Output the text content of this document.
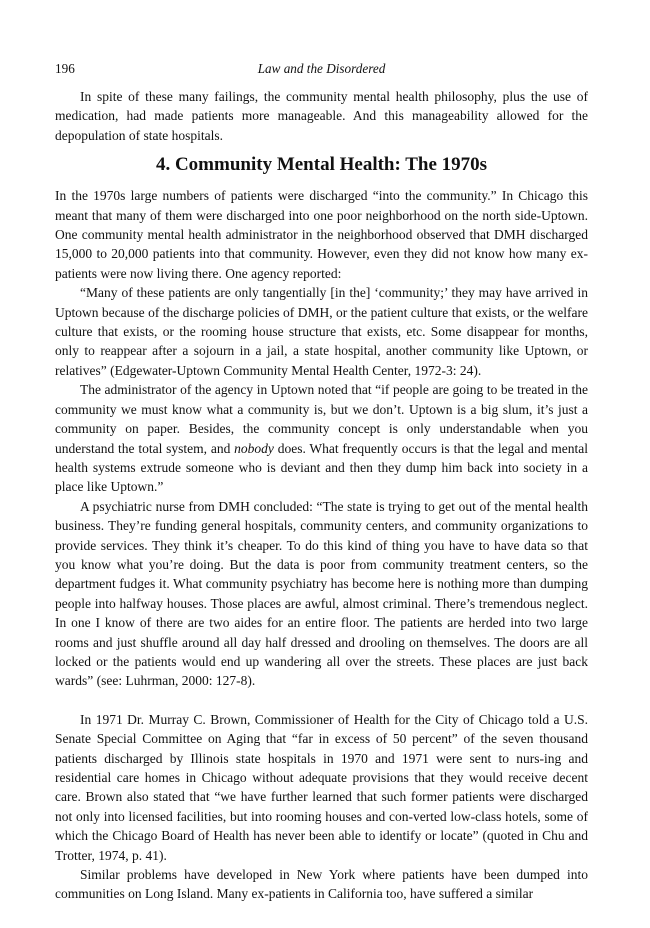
196	Law and the Disordered

In spite of these many failings, the community mental health philosophy, plus the use of medication, had made patients more manageable. And this manageability allowed for the depopulation of state hospitals.

4. Community Mental Health: The 1970s

In the 1970s large numbers of patients were discharged “into the community.” In Chicago this meant that many of them were discharged into one poor neighborhood on the north side-Uptown. One community mental health administrator in the neighborhood observed that DMH discharged 15,000 to 20,000 patients into that community. However, even they did not know how many ex-patients were now living there. One agency reported:

“Many of these patients are only tangentially [in the] ‘community;’ they may have arrived in Uptown because of the discharge policies of DMH, or the patient culture that exists, or the welfare culture that exists, or the rooming house structure that exists, etc. Some disappear for months, only to reappear after a sojourn in a jail, a state hospital, another community like Uptown, or relatives” (Edgewater-Uptown Community Mental Health Center, 1972-3: 24).

The administrator of the agency in Uptown noted that “if people are going to be treated in the community we must know what a community is, but we don’t. Uptown is a big slum, it’s just a community on paper. Besides, the community concept is only understandable when you understand the total system, and nobody does. What frequently occurs is that the legal and mental health systems extrude someone who is deviant and then they dump him back into society in a place like Uptown.”

A psychiatric nurse from DMH concluded: “The state is trying to get out of the mental health business. They’re funding general hospitals, community centers, and community organizations to provide services. They think it’s cheaper. To do this kind of thing you have to have data so that you know what you’re doing. But the data is poor from community treatment centers, so the department fudges it. What community psychiatry has become here is nothing more than dumping people into halfway houses. Those places are awful, almost criminal. There’s tremendous neglect. In one I know of there are two aides for an entire floor. The patients are herded into two large rooms and just shuffle around all day half dressed and drooling on themselves. The doors are all locked or the patients would end up wandering all over the streets. These places are just back wards” (see: Luhrman, 2000: 127-8).

In 1971 Dr. Murray C. Brown, Commissioner of Health for the City of Chicago told a U.S. Senate Special Committee on Aging that “far in excess of 50 percent” of the seven thousand patients discharged by Illinois state hospitals in 1970 and 1971 were sent to nurs-ing and residential care homes in Chicago without adequate provisions that they would receive decent care. Brown also stated that “we have further learned that such former patients were discharged not only into licensed facilities, but into rooming houses and con-verted low-class hotels, some of which the Chicago Board of Health has never been able to identify or locate” (quoted in Chu and Trotter, 1974, p. 41).

Similar problems have developed in New York where patients have been dumped into communities on Long Island. Many ex-patients in California too, have suffered a similar
